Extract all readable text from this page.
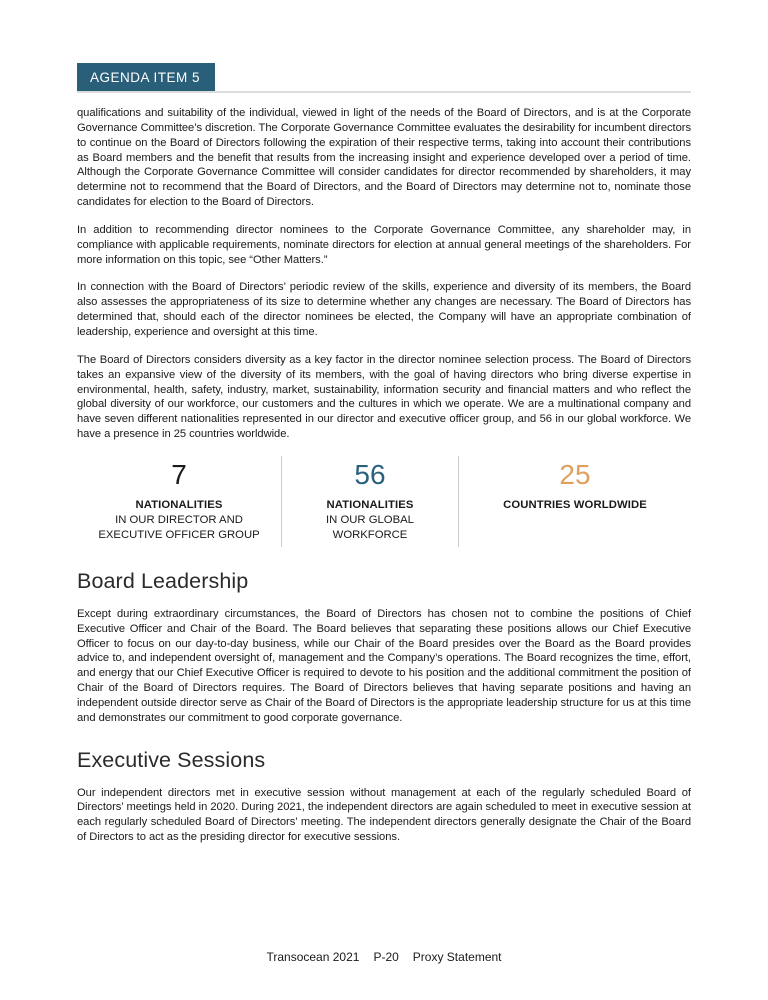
AGENDA ITEM 5

qualifications and suitability of the individual, viewed in light of the needs of the Board of Directors, and is at the Corporate Governance Committee’s discretion. The Corporate Governance Committee evaluates the desirability for incumbent directors to continue on the Board of Directors following the expiration of their respective terms, taking into account their contributions as Board members and the benefit that results from the increasing insight and experience developed over a period of time. Although the Corporate Governance Committee will consider candidates for director recommended by shareholders, it may determine not to recommend that the Board of Directors, and the Board of Directors may determine not to, nominate those candidates for election to the Board of Directors.

In addition to recommending director nominees to the Corporate Governance Committee, any shareholder may, in compliance with applicable requirements, nominate directors for election at annual general meetings of the shareholders. For more information on this topic, see “Other Matters.”

In connection with the Board of Directors’ periodic review of the skills, experience and diversity of its members, the Board also assesses the appropriateness of its size to determine whether any changes are necessary. The Board of Directors has determined that, should each of the director nominees be elected, the Company will have an appropriate combination of leadership, experience and oversight at this time.

The Board of Directors considers diversity as a key factor in the director nominee selection process. The Board of Directors takes an expansive view of the diversity of its members, with the goal of having directors who bring diverse expertise in environmental, health, safety, industry, market, sustainability, information security and financial matters and who reflect the global diversity of our workforce, our customers and the cultures in which we operate. We are a multinational company and have seven different nationalities represented in our director and executive officer group, and 56 in our global workforce. We have a presence in 25 countries worldwide.

7
NATIONALITIES
IN OUR DIRECTOR AND EXECUTIVE OFFICER GROUP
56
NATIONALITIES
IN OUR GLOBAL WORKFORCE
25
COUNTRIES WORLDWIDE
Board Leadership

Except during extraordinary circumstances, the Board of Directors has chosen not to combine the positions of Chief Executive Officer and Chair of the Board. The Board believes that separating these positions allows our Chief Executive Officer to focus on our day-to-day business, while our Chair of the Board presides over the Board as the Board provides advice to, and independent oversight of, management and the Company’s operations. The Board recognizes the time, effort, and energy that our Chief Executive Officer is required to devote to his position and the additional commitment the position of Chair of the Board of Directors requires. The Board of Directors believes that having separate positions and having an independent outside director serve as Chair of the Board of Directors is the appropriate leadership structure for us at this time and demonstrates our commitment to good corporate governance.

Executive Sessions

Our independent directors met in executive session without management at each of the regularly scheduled Board of Directors’ meetings held in 2020. During 2021, the independent directors are again scheduled to meet in executive session at each regularly scheduled Board of Directors’ meeting. The independent directors generally designate the Chair of the Board of Directors to act as the presiding director for executive sessions.

Transocean 2021 P-20 Proxy Statement
